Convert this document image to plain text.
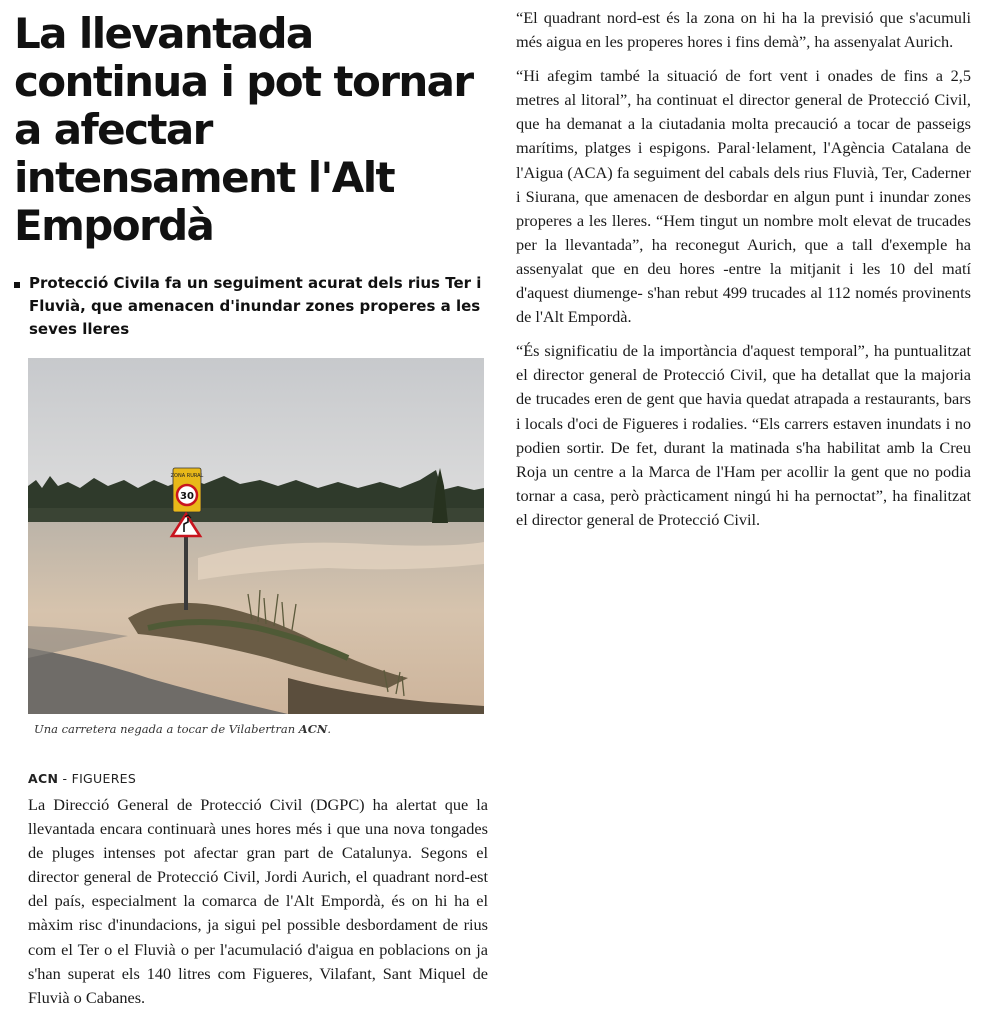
La llevantada continua i pot tornar a afectar intensament l'Alt Empordà
Protecció Civila fa un seguiment acurat dels rius Ter i Fluvià, que amenacen d'inundar zones properes a les seves lleres
ZONA RURAL
30
Una carretera negada a tocar de Vilabertran ACN.
ACN - FIGUERES

La Direcció General de Protecció Civil (DGPC) ha alertat que la llevantada encara continuarà unes hores més i que una nova tongades de pluges intenses pot afectar gran part de Catalunya. Segons el director general de Protecció Civil, Jordi Aurich, el quadrant nord-est del país, especialment la comarca de l'Alt Empordà, és on hi ha el màxim risc d'inundacions, ja sigui pel possible desbordament de rius com el Ter o el Fluvià o per l'acumulació d'aigua en poblacions on ja s'han superat els 140 litres com Figueres, Vilafant, Sant Miquel de Fluvià o Cabanes.

“El quadrant nord-est és la zona on hi ha la previsió que s'acumuli més aigua en les properes hores i fins demà”, ha assenyalat Aurich.

“Hi afegim també la situació de fort vent i onades de fins a 2,5 metres al litoral”, ha continuat el director general de Protecció Civil, que ha demanat a la ciutadania molta precaució a tocar de passeigs marítims, platges i espigons. Paral·lelament, l'Agència Catalana de l'Aigua (ACA) fa seguiment del cabals dels rius Fluvià, Ter, Caderner i Siurana, que amenacen de desbordar en algun punt i inundar zones properes a les lleres. “Hem tingut un nombre molt elevat de trucades per la llevantada”, ha reconegut Aurich, que a tall d'exemple ha assenyalat que en deu hores -entre la mitjanit i les 10 del matí d'aquest diumenge- s'han rebut 499 trucades al 112 només provinents de l'Alt Empordà.

“És significatiu de la importància d'aquest temporal”, ha puntualitzat el director general de Protecció Civil, que ha detallat que la majoria de trucades eren de gent que havia quedat atrapada a restaurants, bars i locals d'oci de Figueres i rodalies. “Els carrers estaven inundats i no podien sortir. De fet, durant la matinada s'ha habilitat amb la Creu Roja un centre a la Marca de l'Ham per acollir la gent que no podia tornar a casa, però pràcticament ningú hi ha pernoctat”, ha finalitzat el director general de Protecció Civil.
